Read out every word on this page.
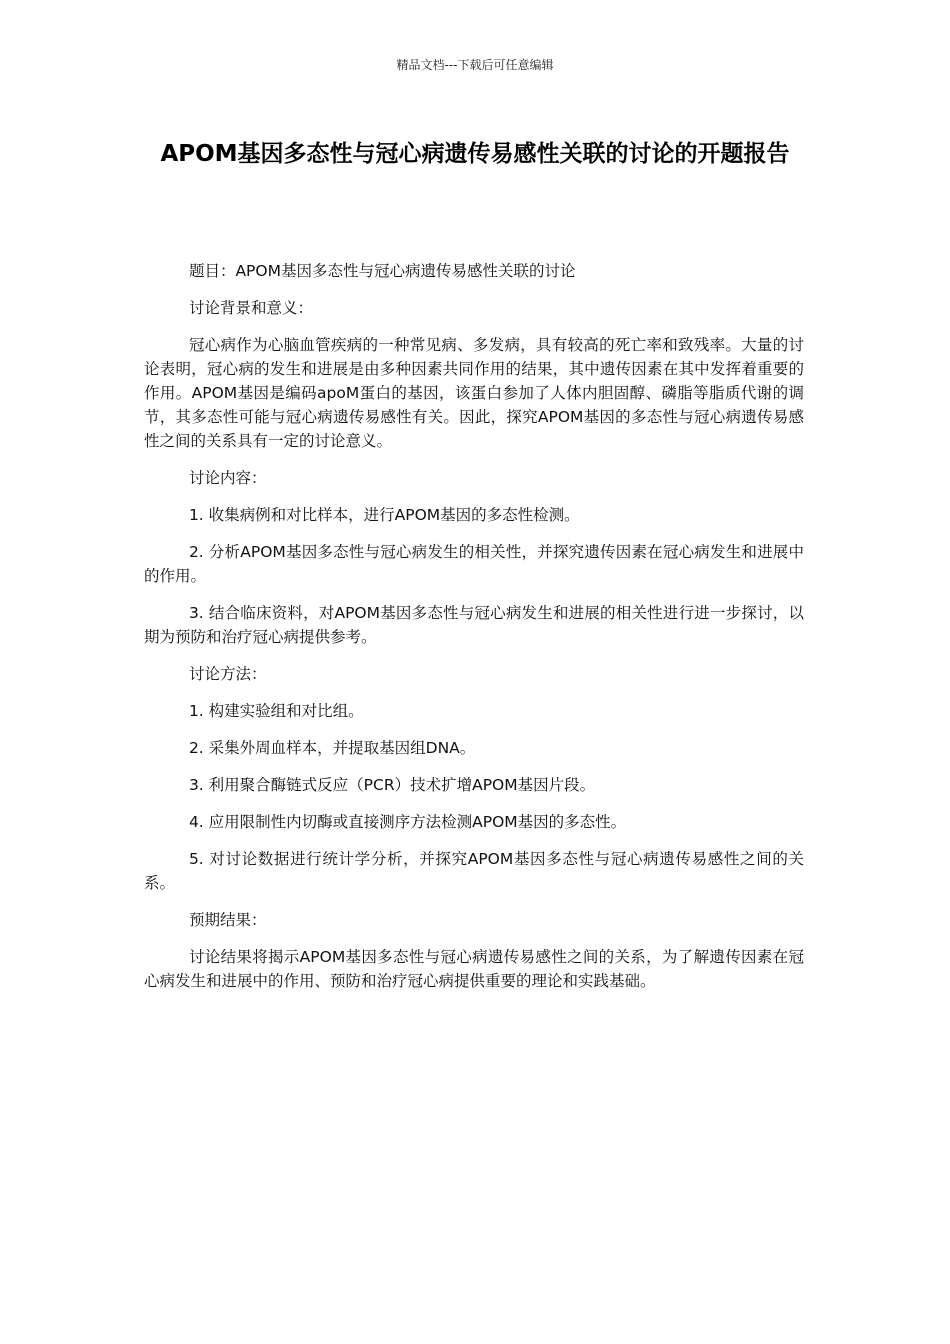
精品文档---下载后可任意编辑
APOM基因多态性与冠心病遗传易感性关联的讨论的开题报告

题目：APOM基因多态性与冠心病遗传易感性关联的讨论

讨论背景和意义：

冠心病作为心脑血管疾病的一种常见病、多发病，具有较高的死亡率和致残率。大量的讨论表明，冠心病的发生和进展是由多种因素共同作用的结果，其中遗传因素在其中发挥着重要的作用。APOM基因是编码apoM蛋白的基因，该蛋白参加了人体内胆固醇、磷脂等脂质代谢的调节，其多态性可能与冠心病遗传易感性有关。因此，探究APOM基因的多态性与冠心病遗传易感性之间的关系具有一定的讨论意义。

讨论内容：

1. 收集病例和对比样本，进行APOM基因的多态性检测。

2. 分析APOM基因多态性与冠心病发生的相关性，并探究遗传因素在冠心病发生和进展中的作用。

3. 结合临床资料，对APOM基因多态性与冠心病发生和进展的相关性进行进一步探讨，以期为预防和治疗冠心病提供参考。

讨论方法：

1. 构建实验组和对比组。

2. 采集外周血样本，并提取基因组DNA。

3. 利用聚合酶链式反应（PCR）技术扩增APOM基因片段。

4. 应用限制性内切酶或直接测序方法检测APOM基因的多态性。

5. 对讨论数据进行统计学分析，并探究APOM基因多态性与冠心病遗传易感性之间的关系。

预期结果：

讨论结果将揭示APOM基因多态性与冠心病遗传易感性之间的关系，为了解遗传因素在冠心病发生和进展中的作用、预防和治疗冠心病提供重要的理论和实践基础。
